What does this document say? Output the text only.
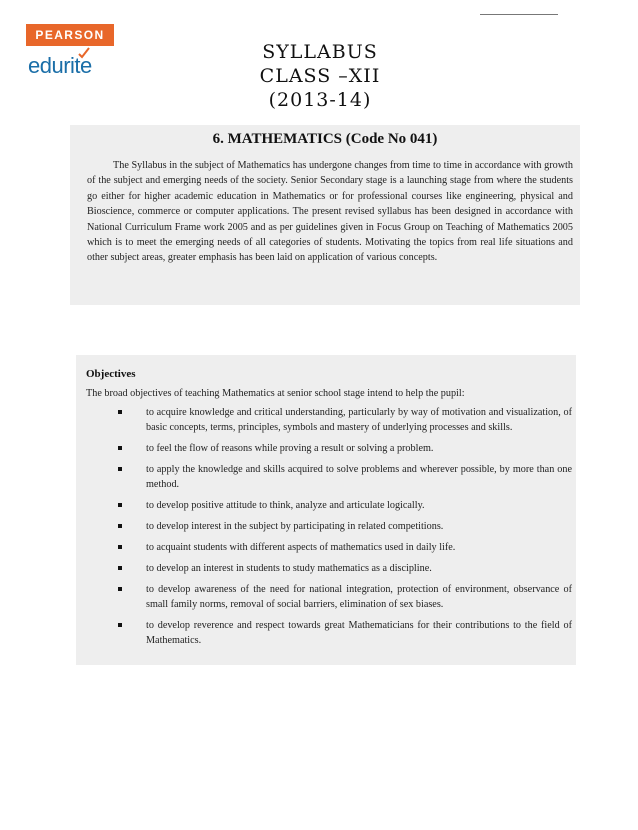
PEARSON
edurite
SYLLABUS
CLASS –XII
(2013-14)
6. MATHEMATICS (Code No 041)
The Syllabus in the subject of Mathematics has undergone changes from time to time in accordance with growth of the subject and emerging needs of the society. Senior Secondary stage is a launching stage from where the students go either for higher academic education in Mathematics or for professional courses like engineering, physical and Bioscience, commerce or computer applications. The present revised syllabus has been designed in accordance with National Curriculum Frame work 2005 and as per guidelines given in Focus Group on Teaching of Mathematics 2005 which is to meet the emerging needs of all categories of students. Motivating the topics from real life situations and other subject areas, greater emphasis has been laid on application of various concepts.
Objectives
The broad objectives of teaching Mathematics at senior school stage intend to help the pupil:
to acquire knowledge and critical understanding, particularly by way of motivation and visualization, of basic concepts, terms, principles, symbols and mastery of underlying processes and skills.
to feel the flow of reasons while proving a result or solving a problem.
to apply the knowledge and skills acquired to solve problems and wherever possible, by more than one method.
to develop positive attitude to think, analyze and articulate logically.
to develop interest in the subject by participating in related competitions.
to acquaint students with different aspects of mathematics used in daily life.
to develop an interest in students to study mathematics as a discipline.
to develop awareness of the need for national integration, protection of environment, observance of small family norms, removal of social barriers, elimination of sex biases.
to develop reverence and respect towards great Mathematicians for their contributions to the field of Mathematics.
